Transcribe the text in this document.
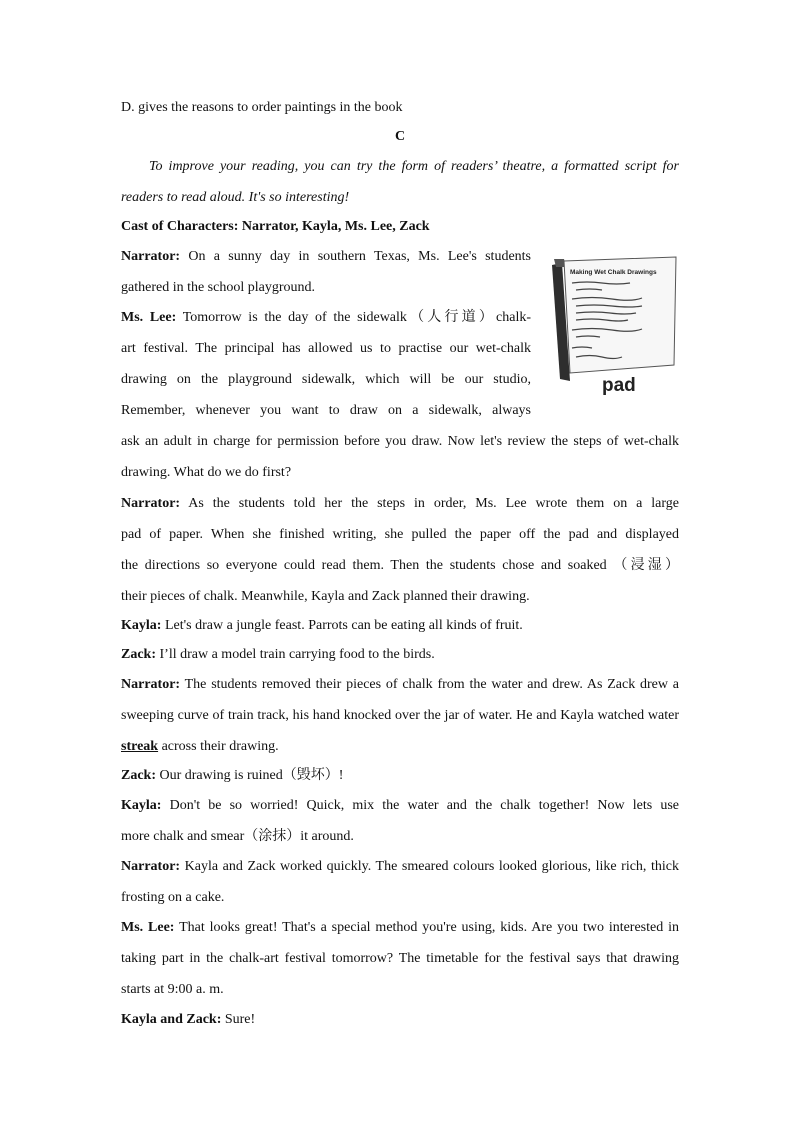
D. gives the reasons to order paintings in the book
C
To improve your reading, you can try the form of readers’ theatre, a formatted script for
readers to read aloud. It's so interesting!
Cast of Characters: Narrator, Kayla, Ms. Lee, Zack
Narrator: On a sunny day in southern Texas, Ms. Lee's students
gathered in the school playground.
Ms. Lee: Tomorrow is the day of the sidewalk（人行道）chalk-
art festival. The principal has allowed us to practise our wet-chalk
drawing on the playground sidewalk, which will be our studio,
Remember, whenever you want to draw on a sidewalk, always
ask an adult in charge for permission before you draw. Now let's review the steps of wet-chalk
drawing. What do we do first?
Narrator: As the students told her the steps in order, Ms. Lee wrote them on a large
pad of paper. When she finished writing, she pulled the paper off the pad and displayed
the directions so everyone could read them. Then the students chose and soaked （浸湿）
their pieces of chalk. Meanwhile, Kayla and Zack planned their drawing.
Kayla: Let's draw a jungle feast. Parrots can be eating all kinds of fruit.
Zack: I’ll draw a model train carrying food to the birds.
Narrator: The students removed their pieces of chalk from the water and drew. As Zack drew a
sweeping curve of train track, his hand knocked over the jar of water. He and Kayla watched water
streak across their drawing.
Zack: Our drawing is ruined（毁坏）!
Kayla: Don't be so worried! Quick, mix the water and the chalk together! Now lets use
more chalk and smear（涂抹）it around.
Narrator: Kayla and Zack worked quickly. The smeared colours looked glorious, like rich, thick
frosting on a cake.
Ms. Lee: That looks great! That's a special method you're using, kids. Are you two interested in
taking part in the chalk-art festival tomorrow? The timetable for the festival says that drawing
starts at 9:00 a. m.
Kayla and Zack: Sure!
Making Wet Chalk Drawings
pad
